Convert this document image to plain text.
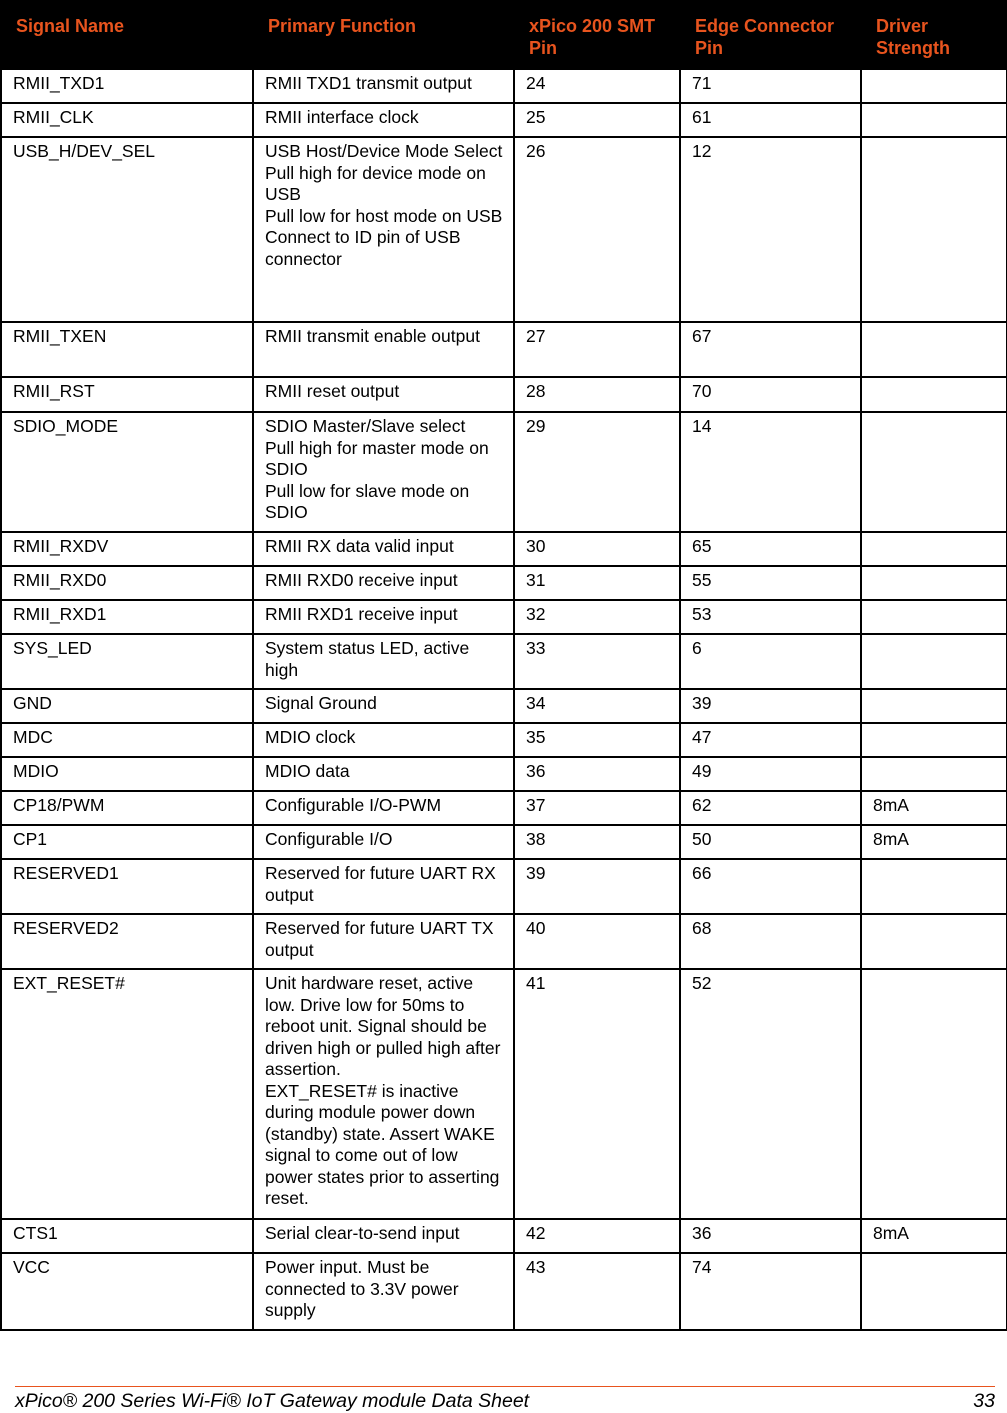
Signal Name	Primary Function	xPico 200 SMT Pin	Edge Connector Pin	Driver Strength
RMII_TXD1	RMII TXD1 transmit output	24	71	
RMII_CLK	RMII interface clock	25	61	
USB_H/DEV_SEL	USB Host/Device Mode Select
Pull high for device mode on USB
Pull low for host mode on USB
Connect to ID pin of USB connector	26	12	
RMII_TXEN	RMII transmit enable output	27	67	
RMII_RST	RMII reset output	28	70	
SDIO_MODE	SDIO Master/Slave select
Pull high for master mode on SDIO
Pull low for slave mode on SDIO	29	14	
RMII_RXDV	RMII RX data valid input	30	65	
RMII_RXD0	RMII RXD0 receive input	31	55	
RMII_RXD1	RMII RXD1 receive input	32	53	
SYS_LED	System status LED, active high	33	6	
GND	Signal Ground	34	39	
MDC	MDIO clock	35	47	
MDIO	MDIO data	36	49	
CP18/PWM	Configurable I/O-PWM	37	62	8mA
CP1	Configurable I/O	38	50	8mA
RESERVED1	Reserved for future UART RX output	39	66	
RESERVED2	Reserved for future UART TX output	40	68	
EXT_RESET#	Unit hardware reset, active low. Drive low for 50ms to reboot unit. Signal should be driven high or pulled high after assertion.
EXT_RESET# is inactive during module power down (standby) state. Assert WAKE signal to come out of low power states prior to asserting reset.	41	52	
CTS1	Serial clear-to-send input	42	36	8mA
VCC	Power input. Must be connected to 3.3V power supply	43	74	
xPico® 200 Series Wi-Fi® IoT Gateway module Data Sheet	33
